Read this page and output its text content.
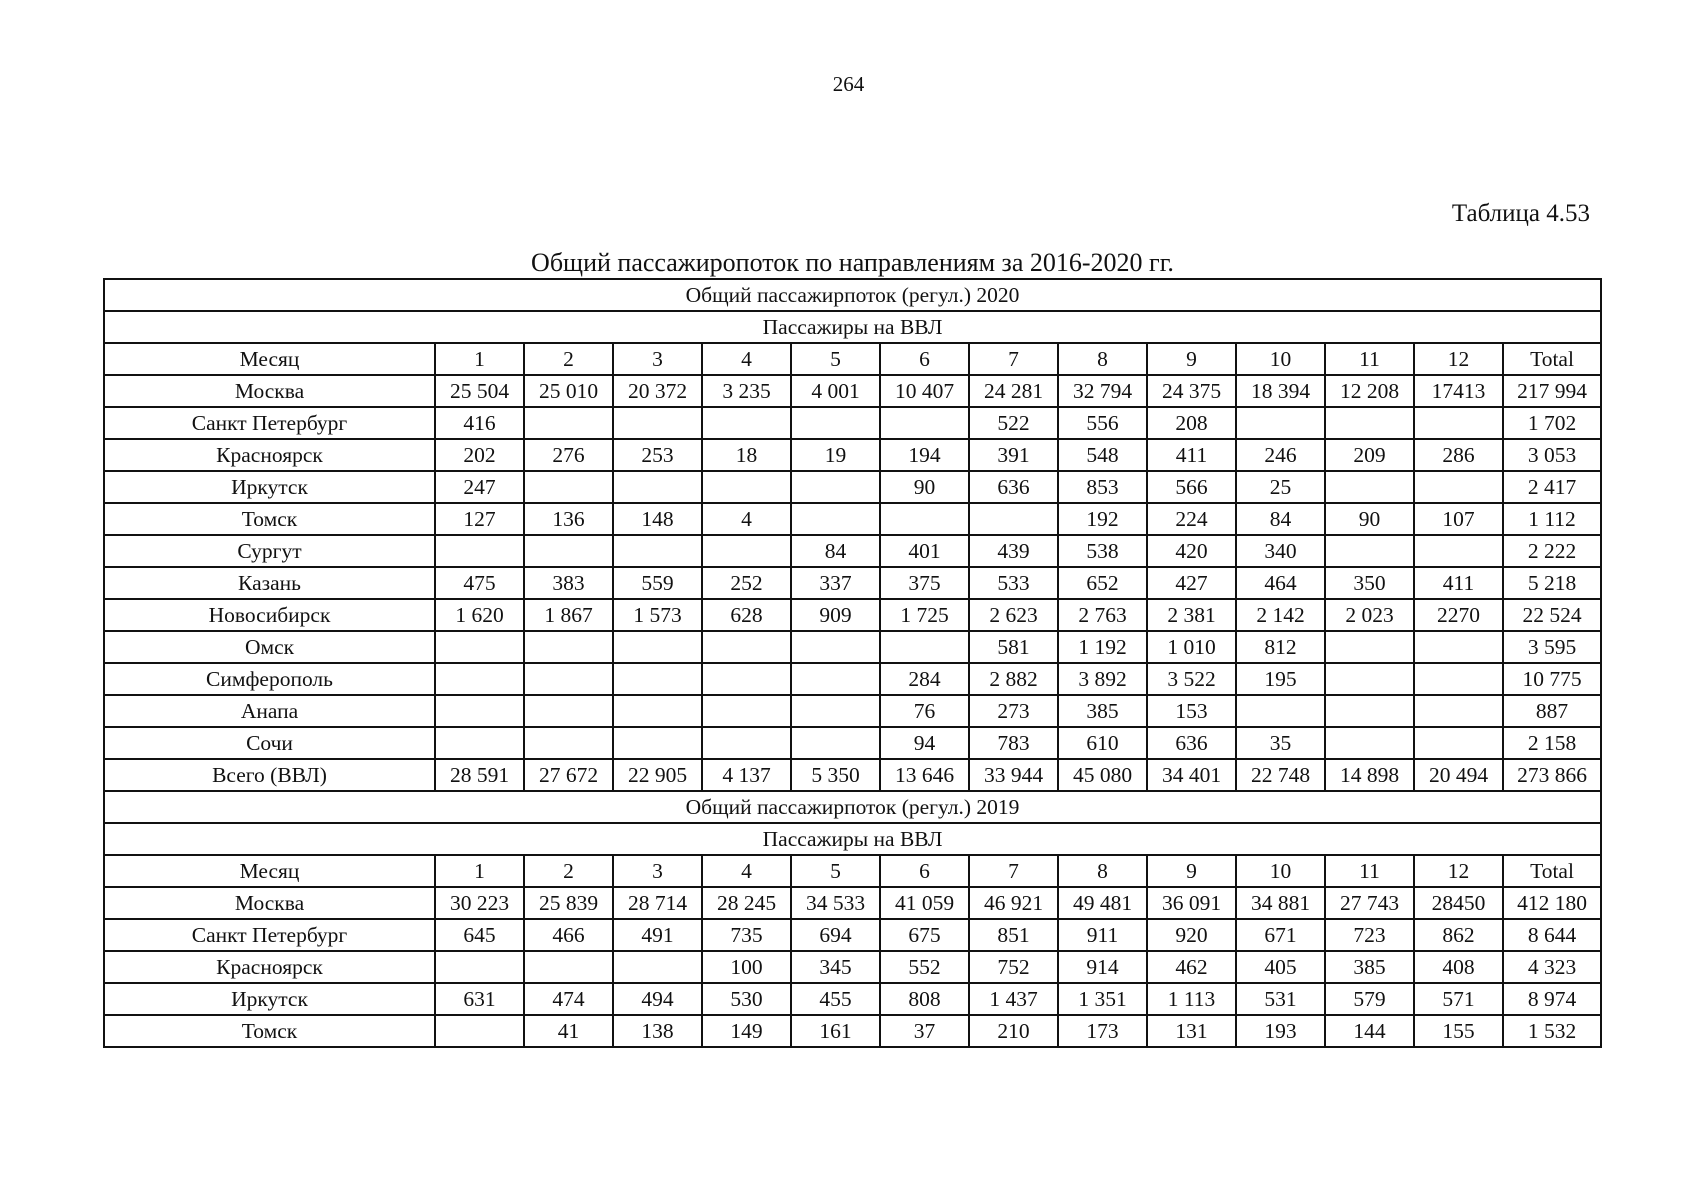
264
Таблица 4.53
Общий пассажиропоток по направлениям за 2016-2020 гг.
Общий пассажирпоток (регул.) 2020													
Пассажиры на ВВЛ													
Месяц	1	2	3	4	5	6	7	8	9	10	11	12	Total
Москва	25 504	25 010	20 372	3 235	4 001	10 407	24 281	32 794	24 375	18 394	12 208	17413	217 994
Санкт Петербург	416						522	556	208				1 702
Красноярск	202	276	253	18	19	194	391	548	411	246	209	286	3 053
Иркутск	247					90	636	853	566	25			2 417
Томск	127	136	148	4				192	224	84	90	107	1 112
Сургут					84	401	439	538	420	340			2 222
Казань	475	383	559	252	337	375	533	652	427	464	350	411	5 218
Новосибирск	1 620	1 867	1 573	628	909	1 725	2 623	2 763	2 381	2 142	2 023	2270	22 524
Омск							581	1 192	1 010	812			3 595
Симферополь						284	2 882	3 892	3 522	195			10 775
Анапа						76	273	385	153				887
Сочи						94	783	610	636	35			2 158
Всего (ВВЛ)	28 591	27 672	22 905	4 137	5 350	13 646	33 944	45 080	34 401	22 748	14 898	20 494	273 866
Общий пассажирпоток (регул.) 2019													
Пассажиры на ВВЛ													
Месяц	1	2	3	4	5	6	7	8	9	10	11	12	Total
Москва	30 223	25 839	28 714	28 245	34 533	41 059	46 921	49 481	36 091	34 881	27 743	28450	412 180
Санкт Петербург	645	466	491	735	694	675	851	911	920	671	723	862	8 644
Красноярск				100	345	552	752	914	462	405	385	408	4 323
Иркутск	631	474	494	530	455	808	1 437	1 351	1 113	531	579	571	8 974
Томск		41	138	149	161	37	210	173	131	193	144	155	1 532
